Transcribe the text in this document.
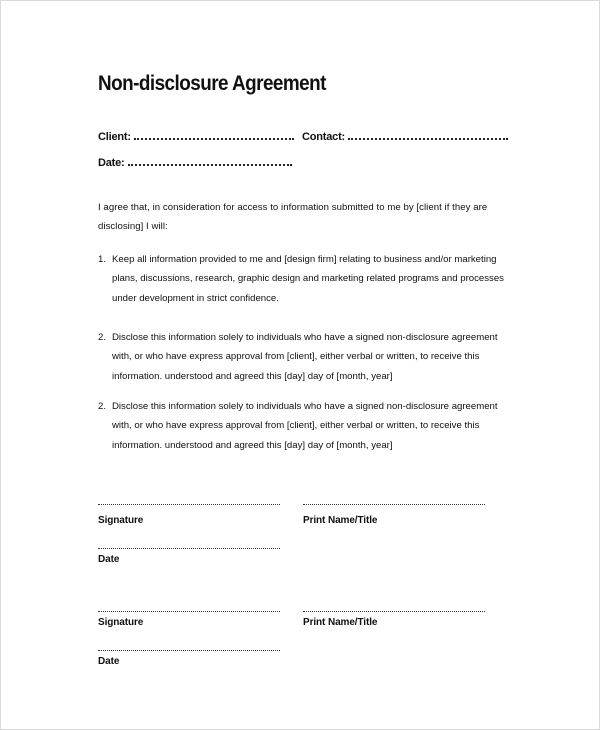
Non-disclosure Agreement
Client:	Contact:
Date:
I agree that, in consideration for access to information submitted to me by [client if they are
disclosing] I will:
1. Keep all information provided to me and [design firm] relating to business and/or marketing
plans, discussions, research, graphic design and marketing related programs and processes
under development in strict confidence.
2. Disclose this information solely to individuals who have a signed non-disclosure agreement
with, or who have express approval from [client], either verbal or written, to receive this
information. understood and agreed this [day] day of [month, year]
2. Disclose this information solely to individuals who have a signed non-disclosure agreement
with, or who have express approval from [client], either verbal or written, to receive this
information. understood and agreed this [day] day of [month, year]
Signature	Print Name/Title
Date
Signature	Print Name/Title
Date
